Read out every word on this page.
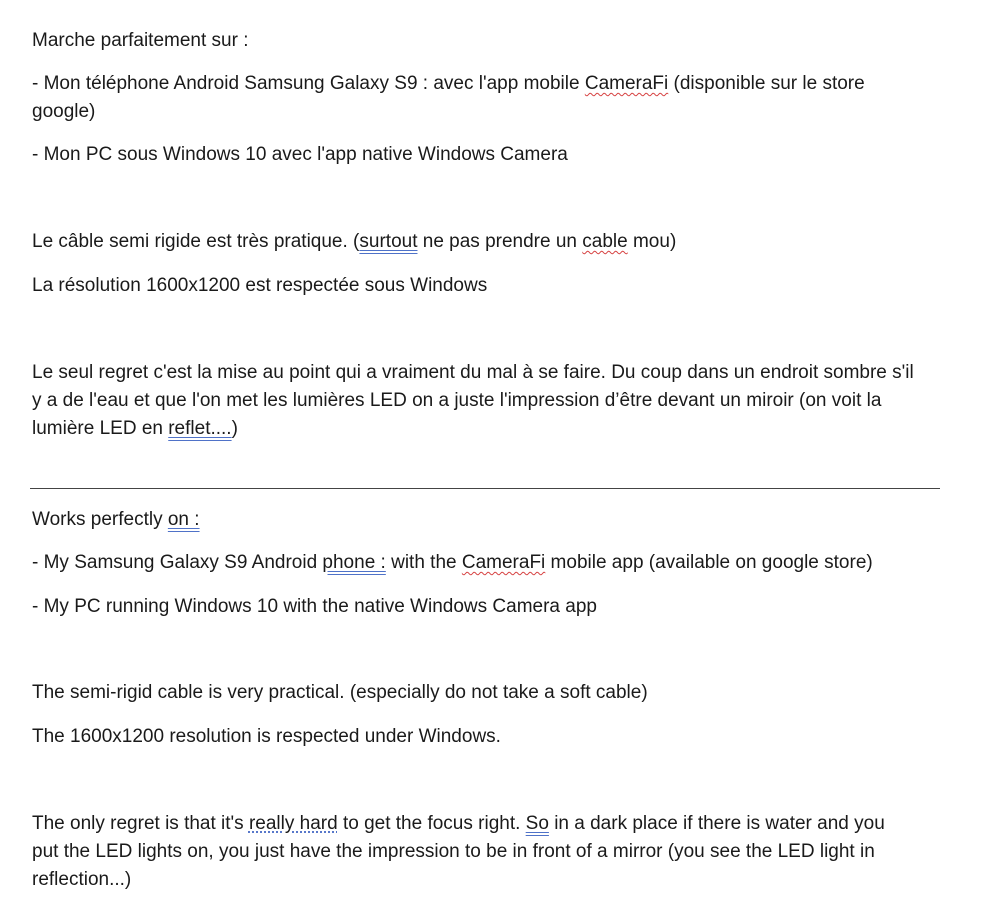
Marche parfaitement sur :

- Mon téléphone Android Samsung Galaxy S9 : avec l'app mobile CameraFi (disponible sur le store

google)

- Mon PC sous Windows 10 avec l'app native Windows Camera

Le câble semi rigide est très pratique. (surtout ne pas prendre un cable mou)

La résolution 1600x1200 est respectée sous Windows

Le seul regret c'est la mise au point qui a vraiment du mal à se faire. Du coup dans un endroit sombre s'il

y a de l'eau et que l'on met les lumières LED on a juste l'impression d’être devant un miroir (on voit la

lumière LED en reflet....)

Works perfectly on :

- My Samsung Galaxy S9 Android phone : with the CameraFi mobile app (available on google store)

- My PC running Windows 10 with the native Windows Camera app

The semi-rigid cable is very practical. (especially do not take a soft cable)

The 1600x1200 resolution is respected under Windows.

The only regret is that it's really hard to get the focus right. So in a dark place if there is water and you

put the LED lights on, you just have the impression to be in front of a mirror (you see the LED light in

reflection...)
